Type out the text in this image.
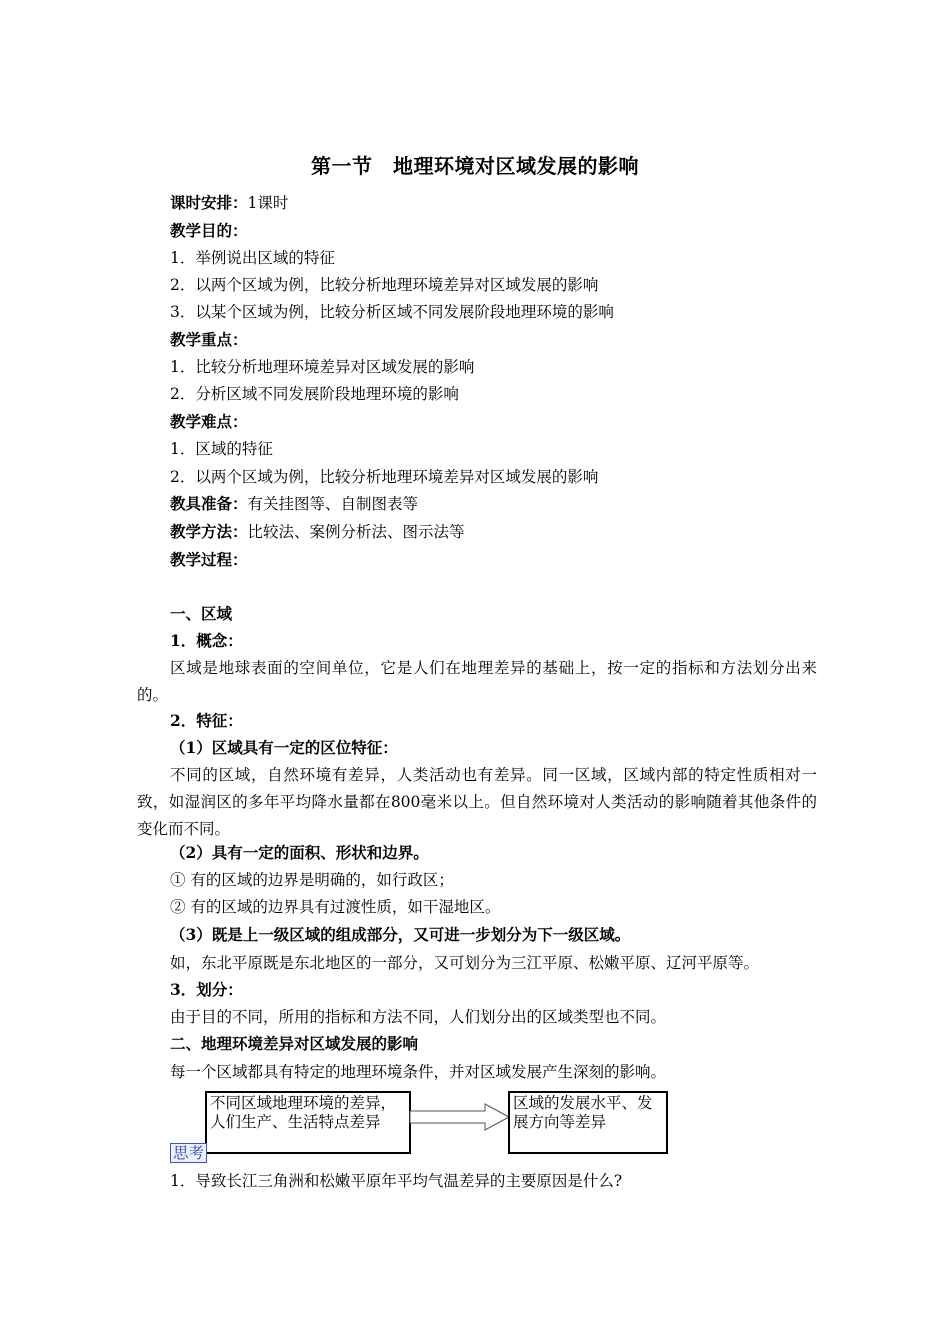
第一节　地理环境对区域发展的影响
课时安排：1课时
教学目的：
1．举例说出区域的特征
2．以两个区域为例，比较分析地理环境差异对区域发展的影响
3．以某个区域为例，比较分析区域不同发展阶段地理环境的影响
教学重点：
1．比较分析地理环境差异对区域发展的影响
2．分析区域不同发展阶段地理环境的影响
教学难点：
1．区域的特征
2．以两个区域为例，比较分析地理环境差异对区域发展的影响
教具准备：有关挂图等、自制图表等
教学方法：比较法、案例分析法、图示法等
教学过程：
一、区域
1．概念：
区域是地球表面的空间单位，它是人们在地理差异的基础上，按一定的指标和方法划分出来的。
2．特征：
（1）区域具有一定的区位特征：
不同的区域，自然环境有差异，人类活动也有差异。同一区域，区域内部的特定性质相对一致，如湿润区的多年平均降水量都在800毫米以上。但自然环境对人类活动的影响随着其他条件的变化而不同。
（2）具有一定的面积、形状和边界。
① 有的区域的边界是明确的，如行政区；
② 有的区域的边界具有过渡性质，如干湿地区。
（3）既是上一级区域的组成部分，又可进一步划分为下一级区域。
如，东北平原既是东北地区的一部分，又可划分为三江平原、松嫩平原、辽河平原等。
3．划分：
由于目的不同，所用的指标和方法不同，人们划分出的区域类型也不同。
二、地理环境差异对区域发展的影响
每一个区域都具有特定的地理环境条件，并对区域发展产生深刻的影响。
不同区域地理环境的差异，人们生产、生活特点差异
区域的发展水平、发展方向等差异
思考
1．导致长江三角洲和松嫩平原年平均气温差异的主要原因是什么?
